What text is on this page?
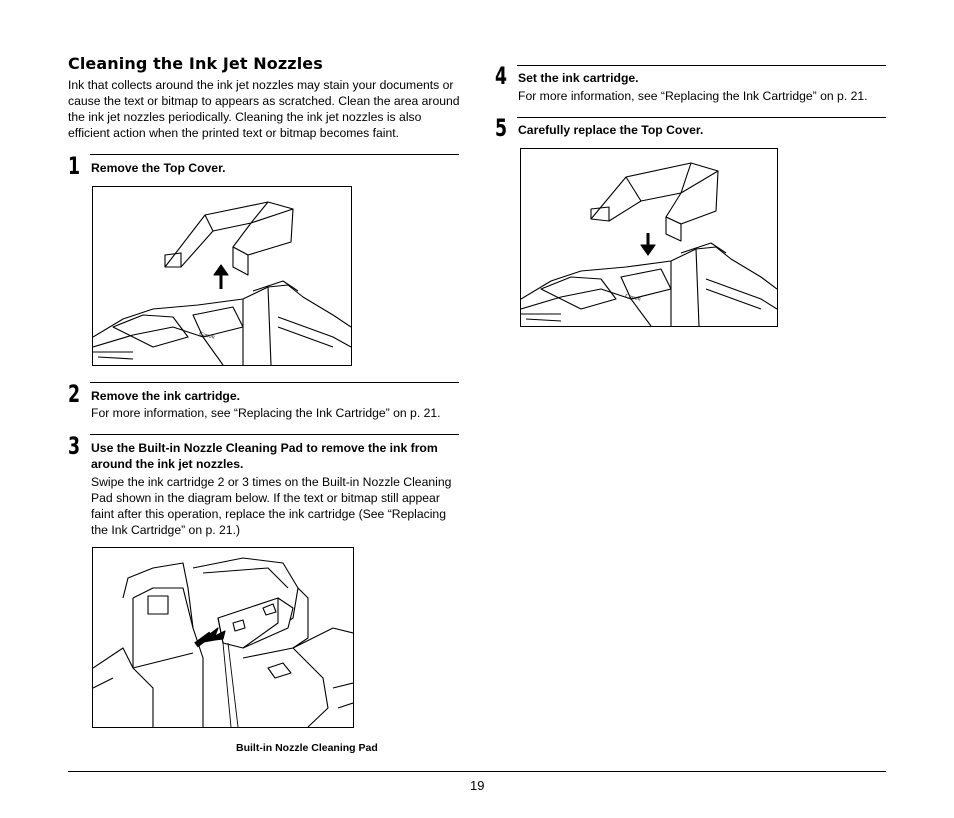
Cleaning the Ink Jet Nozzles
Ink that collects around the ink jet nozzles may stain your documents or cause the text or bitmap to appears as scratched. Clean the area around the ink jet nozzles periodically. Cleaning the ink jet nozzles is also efficient action when the printed text or bitmap becomes faint.
1 Remove the Top Cover.
Canon
2 Remove the ink cartridge.
For more information, see “Replacing the Ink Cartridge” on p. 21.
3 Use the Built-in Nozzle Cleaning Pad to remove the ink from around the ink jet nozzles.
Swipe the ink cartridge 2 or 3 times on the Built-in Nozzle Cleaning Pad shown in the diagram below. If the text or bitmap still appear faint after this operation, replace the ink cartridge (See “Replacing the Ink Cartridge” on p. 21.)
Built-in Nozzle Cleaning Pad
4 Set the ink cartridge.
For more information, see “Replacing the Ink Cartridge” on p. 21.
5 Carefully replace the Top Cover.
Canon
19
